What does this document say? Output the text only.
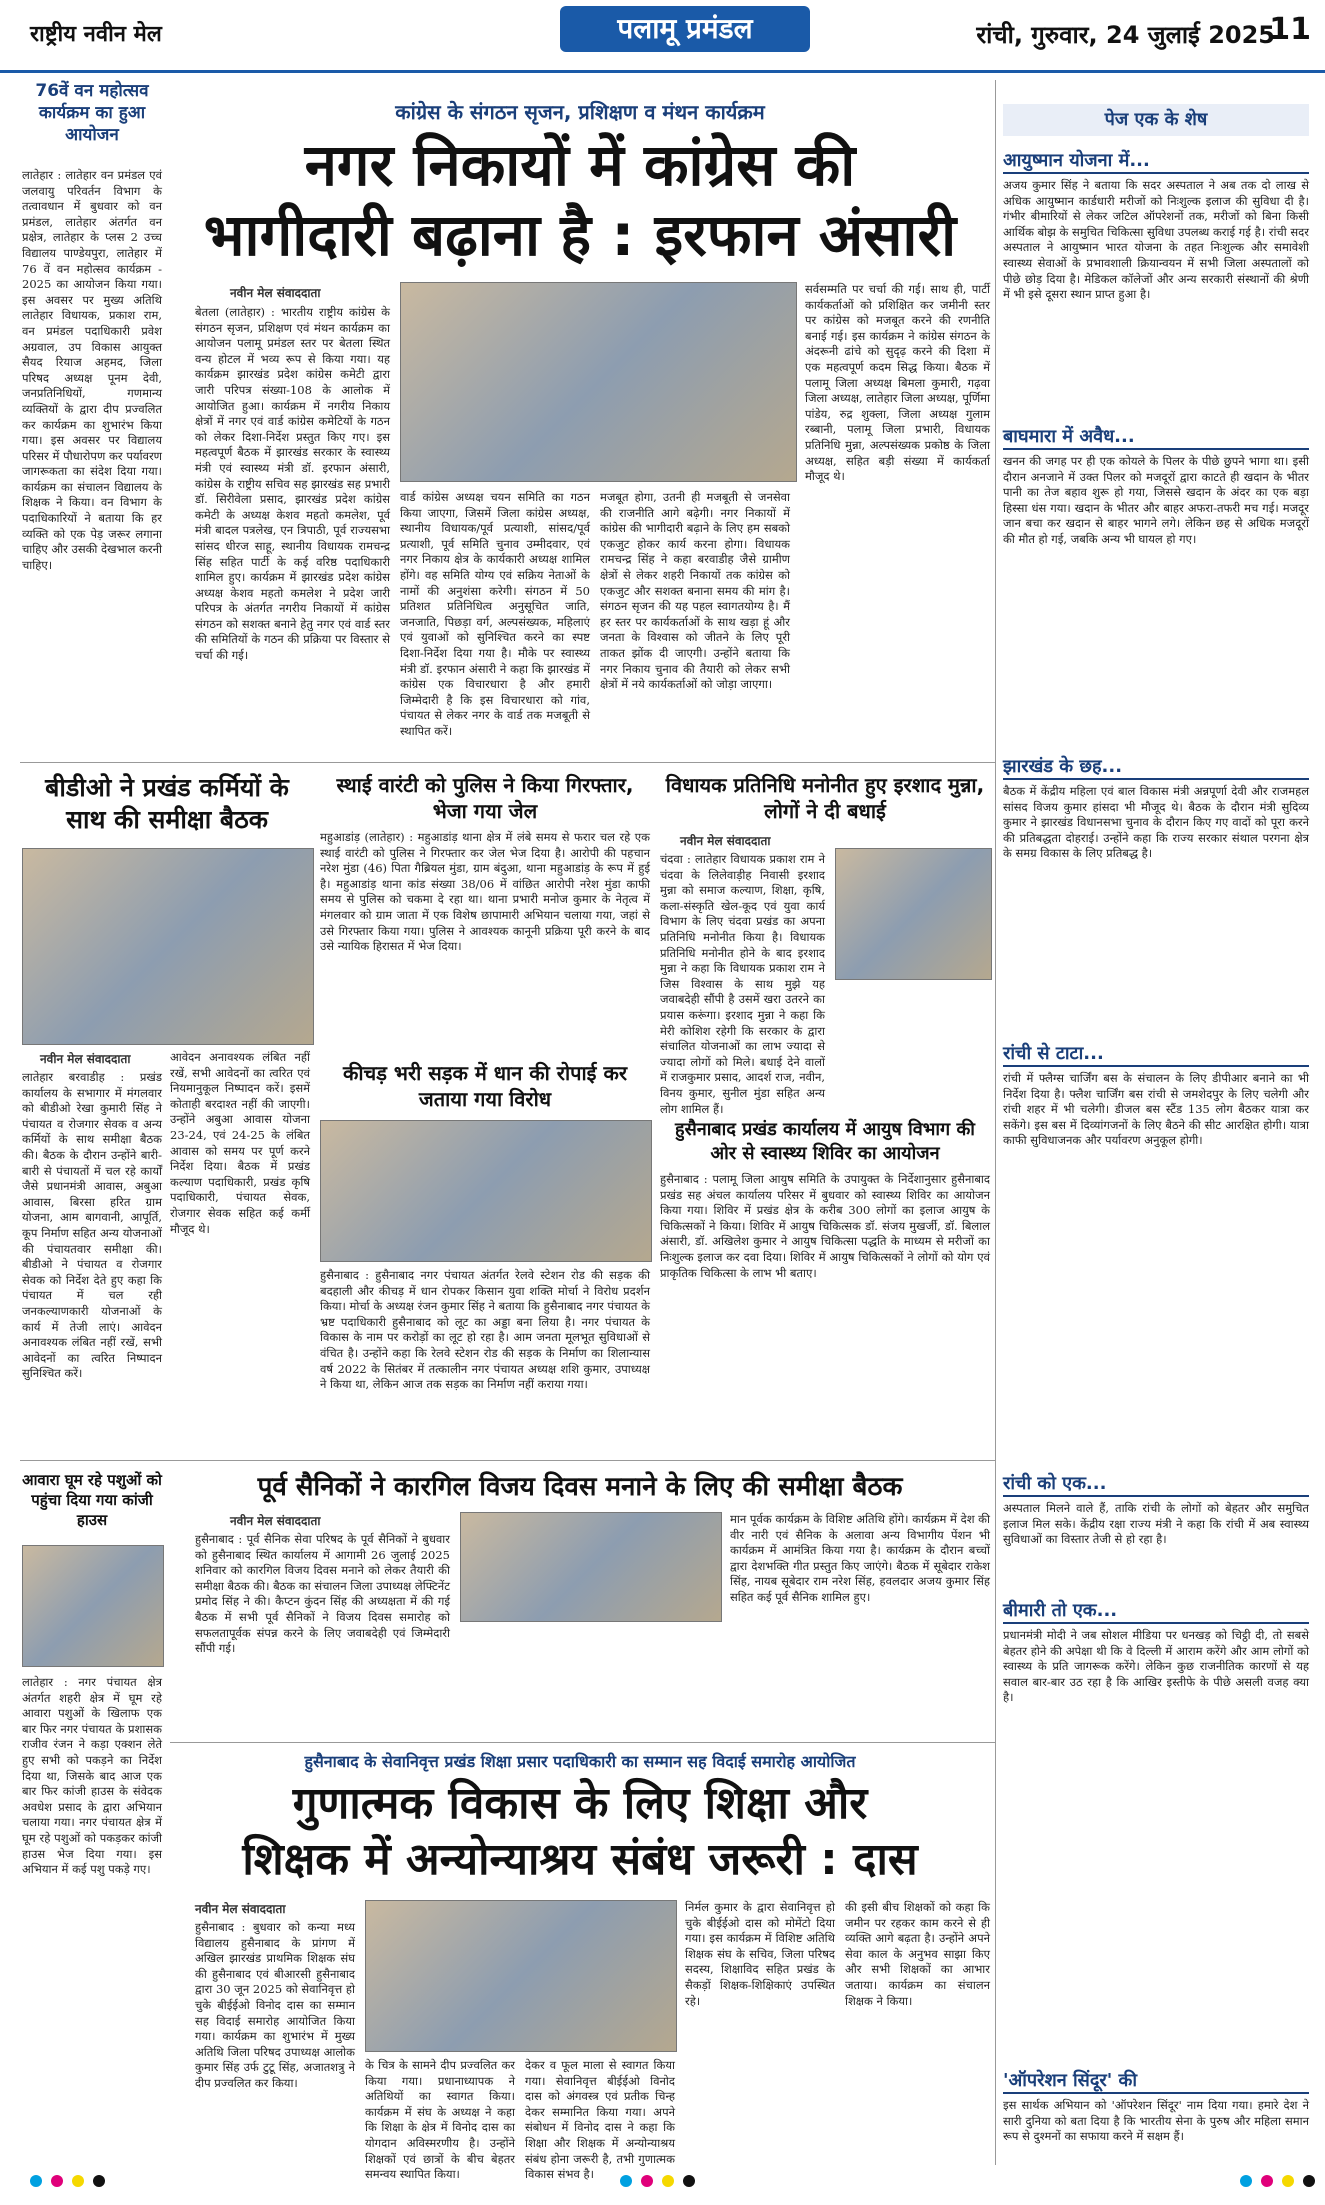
राष्ट्रीय नवीन मेल	पलामू प्रमंडल	रांची, गुरुवार, 24 जुलाई 2025
11
76वें वन महोत्सव कार्यक्रम का हुआ आयोजन
लातेहार : लातेहार वन प्रमंडल एवं जलवायु परिवर्तन विभाग के तत्वावधान में बुधवार को वन प्रमंडल, लातेहार अंतर्गत वन प्रक्षेत्र, लातेहार के प्लस 2 उच्च विद्यालय पाण्डेयपुरा, लातेहार में 76 वें वन महोत्सव कार्यक्रम - 2025 का आयोजन किया गया। इस अवसर पर मुख्य अतिथि लातेहार विधायक, प्रकाश राम, वन प्रमंडल पदाधिकारी प्रवेश अग्रवाल, उप विकास आयुक्त सैयद रियाज अहमद, जिला परिषद अध्यक्ष पूनम देवी, जनप्रतिनिधियों, गणमान्य व्यक्तियों के द्वारा दीप प्रज्वलित कर कार्यक्रम का शुभारंभ किया गया। इस अवसर पर विद्यालय परिसर में पौधारोपण कर पर्यावरण जागरूकता का संदेश दिया गया। कार्यक्रम का संचालन विद्यालय के शिक्षक ने किया। वन विभाग के पदाधिकारियों ने बताया कि हर व्यक्ति को एक पेड़ जरूर लगाना चाहिए और उसकी देखभाल करनी चाहिए।
कांग्रेस के संगठन सृजन, प्रशिक्षण व मंथन कार्यक्रम
नगर निकायों में कांग्रेस की
भागीदारी बढ़ाना है : इरफान अंसारी
नवीन मेल संवाददाता
बेतला (लातेहार) : भारतीय राष्ट्रीय कांग्रेस के संगठन सृजन, प्रशिक्षण एवं मंथन कार्यक्रम का आयोजन पलामू प्रमंडल स्तर पर बेतला स्थित वन्य होटल में भव्य रूप से किया गया। यह कार्यक्रम झारखंड प्रदेश कांग्रेस कमेटी द्वारा जारी परिपत्र संख्या-108 के आलोक में आयोजित हुआ। कार्यक्रम में नगरीय निकाय क्षेत्रों में नगर एवं वार्ड कांग्रेस कमेटियों के गठन को लेकर दिशा-निर्देश प्रस्तुत किए गए। इस महत्वपूर्ण बैठक में झारखंड सरकार के स्वास्थ्य मंत्री एवं स्वास्थ्य मंत्री डॉ. इरफान अंसारी, कांग्रेस के राष्ट्रीय सचिव सह झारखंड सह प्रभारी डॉ. सिरीवेला प्रसाद, झारखंड प्रदेश कांग्रेस कमेटी के अध्यक्ष केशव महतो कमलेश, पूर्व मंत्री बादल पत्रलेख, एन त्रिपाठी, पूर्व राज्यसभा सांसद धीरज साहू, स्थानीय विधायक रामचन्द्र सिंह सहित पार्टी के कई वरिष्ठ पदाधिकारी शामिल हुए। कार्यक्रम में झारखंड प्रदेश कांग्रेस अध्यक्ष केशव महतो कमलेश ने प्रदेश जारी परिपत्र के अंतर्गत नगरीय निकायों में कांग्रेस संगठन को सशक्त बनाने हेतु नगर एवं वार्ड स्तर की समितियों के गठन की प्रक्रिया पर विस्तार से चर्चा की गई।
वार्ड कांग्रेस अध्यक्ष चयन समिति का गठन किया जाएगा, जिसमें जिला कांग्रेस अध्यक्ष, स्थानीय विधायक/पूर्व प्रत्याशी, सांसद/पूर्व प्रत्याशी, पूर्व समिति चुनाव उम्मीदवार, एवं नगर निकाय क्षेत्र के कार्यकारी अध्यक्ष शामिल होंगे। वह समिति योग्य एवं सक्रिय नेताओं के नामों की अनुशंसा करेगी। संगठन में 50 प्रतिशत प्रतिनिधित्व अनुसूचित जाति, जनजाति, पिछड़ा वर्ग, अल्पसंख्यक, महिलाएं एवं युवाओं को सुनिश्चित करने का स्पष्ट दिशा-निर्देश दिया गया है। मौके पर स्वास्थ्य मंत्री डॉ. इरफान अंसारी ने कहा कि झारखंड में कांग्रेस एक विचारधारा है और हमारी जिम्मेदारी है कि इस विचारधारा को गांव, पंचायत से लेकर नगर के वार्ड तक मजबूती से स्थापित करें।
मजबूत होगा, उतनी ही मजबूती से जनसेवा की राजनीति आगे बढ़ेगी। नगर निकायों में कांग्रेस की भागीदारी बढ़ाने के लिए हम सबको एकजुट होकर कार्य करना होगा। विधायक रामचन्द्र सिंह ने कहा बरवाडीह जैसे ग्रामीण क्षेत्रों से लेकर शहरी निकायों तक कांग्रेस को एकजुट और सशक्त बनाना समय की मांग है। संगठन सृजन की यह पहल स्वागतयोग्य है। मैं हर स्तर पर कार्यकर्ताओं के साथ खड़ा हूं और जनता के विश्वास को जीतने के लिए पूरी ताकत झोंक दी जाएगी। उन्होंने बताया कि नगर निकाय चुनाव की तैयारी को लेकर सभी क्षेत्रों में नये कार्यकर्ताओं को जोड़ा जाएगा।
सर्वसम्मति पर चर्चा की गई। साथ ही, पार्टी कार्यकर्ताओं को प्रशिक्षित कर जमीनी स्तर पर कांग्रेस को मजबूत करने की रणनीति बनाई गई। इस कार्यक्रम ने कांग्रेस संगठन के अंदरूनी ढांचे को सुदृढ़ करने की दिशा में एक महत्वपूर्ण कदम सिद्ध किया। बैठक में पलामू जिला अध्यक्ष बिमला कुमारी, गढ़वा जिला अध्यक्ष, लातेहार जिला अध्यक्ष, पूर्णिमा पांडेय, रुद्र शुक्ला, जिला अध्यक्ष गुलाम रब्बानी, पलामू जिला प्रभारी, विधायक प्रतिनिधि मुन्ना, अल्पसंख्यक प्रकोष्ठ के जिला अध्यक्ष, सहित बड़ी संख्या में कार्यकर्ता मौजूद थे।
बीडीओ ने प्रखंड कर्मियों के साथ की समीक्षा बैठक
नवीन मेल संवाददाता
लातेहार बरवाडीह : प्रखंड कार्यालय के सभागार में मंगलवार को बीडीओ रेखा कुमारी सिंह ने पंचायत व रोजगार सेवक व अन्य कर्मियों के साथ समीक्षा बैठक की। बैठक के दौरान उन्होंने बारी-बारी से पंचायतों में चल रहे कार्यों जैसे प्रधानमंत्री आवास, अबुआ आवास, बिरसा हरित ग्राम योजना, आम बागवानी, आपूर्ति, कूप निर्माण सहित अन्य योजनाओं की पंचायतवार समीक्षा की। बीडीओ ने पंचायत व रोजगार सेवक को निर्देश देते हुए कहा कि पंचायत में चल रही जनकल्याणकारी योजनाओं के कार्य में तेजी लाएं। आवेदन अनावश्यक लंबित नहीं रखें, सभी आवेदनों का त्वरित निष्पादन सुनिश्चित करें।
आवेदन अनावश्यक लंबित नहीं रखें, सभी आवेदनों का त्वरित एवं नियमानुकूल निष्पादन करें। इसमें कोताही बरदाश्त नहीं की जाएगी। उन्होंने अबुआ आवास योजना 23-24, एवं 24-25 के लंबित आवास को समय पर पूर्ण करने निर्देश दिया। बैठक में प्रखंड कल्याण पदाधिकारी, प्रखंड कृषि पदाधिकारी, पंचायत सेवक, रोजगार सेवक सहित कई कर्मी मौजूद थे।
स्थाई वारंटी को पुलिस ने किया गिरफ्तार, भेजा गया जेल
महुआडांड़ (लातेहार) : महुआडांड़ थाना क्षेत्र में लंबे समय से फरार चल रहे एक स्थाई वारंटी को पुलिस ने गिरफ्तार कर जेल भेज दिया है। आरोपी की पहचान नरेश मुंडा (46) पिता गैब्रियल मुंडा, ग्राम बंदुआ, थाना महुआडांड़ के रूप में हुई है। महुआडांड़ थाना कांड संख्या 38/06 में वांछित आरोपी नरेश मुंडा काफी समय से पुलिस को चकमा दे रहा था। थाना प्रभारी मनोज कुमार के नेतृत्व में मंगलवार को ग्राम जाता में एक विशेष छापामारी अभियान चलाया गया, जहां से उसे गिरफ्तार किया गया। पुलिस ने आवश्यक कानूनी प्रक्रिया पूरी करने के बाद उसे न्यायिक हिरासत में भेज दिया।
कीचड़ भरी सड़क में धान की रोपाई कर जताया गया विरोध
हुसैनाबाद : हुसैनाबाद नगर पंचायत अंतर्गत रेलवे स्टेशन रोड की सड़क की बदहाली और कीचड़ में धान रोपकर किसान युवा शक्ति मोर्चा ने विरोध प्रदर्शन किया। मोर्चा के अध्यक्ष रंजन कुमार सिंह ने बताया कि हुसैनाबाद नगर पंचायत के भ्रष्ट पदाधिकारी हुसैनाबाद को लूट का अड्डा बना लिया है। नगर पंचायत के विकास के नाम पर करोड़ों का लूट हो रहा है। आम जनता मूलभूत सुविधाओं से वंचित है। उन्होंने कहा कि रेलवे स्टेशन रोड की सड़क के निर्माण का शिलान्यास वर्ष 2022 के सितंबर में तत्कालीन नगर पंचायत अध्यक्ष शशि कुमार, उपाध्यक्ष ने किया था, लेकिन आज तक सड़क का निर्माण नहीं कराया गया।
विधायक प्रतिनिधि मनोनीत हुए इरशाद मुन्ना, लोगों ने दी बधाई
नवीन मेल संवाददाता
चंदवा : लातेहार विधायक प्रकाश राम ने चंदवा के लिलेवाड़ीह निवासी इरशाद मुन्ना को समाज कल्याण, शिक्षा, कृषि, कला-संस्कृति खेल-कूद एवं युवा कार्य विभाग के लिए चंदवा प्रखंड का अपना प्रतिनिधि मनोनीत किया है। विधायक प्रतिनिधि मनोनीत होने के बाद इरशाद मुन्ना ने कहा कि विधायक प्रकाश राम ने जिस विश्वास के साथ मुझे यह जवाबदेही सौंपी है उसमें खरा उतरने का प्रयास करूंगा। इरशाद मुन्ना ने कहा कि मेरी कोशिश रहेगी कि सरकार के द्वारा संचालित योजनाओं का लाभ ज्यादा से ज्यादा लोगों को मिले। बधाई देने वालों में राजकुमार प्रसाद, आदर्श राज, नवीन, विनय कुमार, सुनील मुंडा सहित अन्य लोग शामिल हैं।
हुसैनाबाद प्रखंड कार्यालय में आयुष विभाग की ओर से स्वास्थ्य शिविर का आयोजन
हुसैनाबाद : पलामू जिला आयुष समिति के उपायुक्त के निर्देशानुसार हुसैनाबाद प्रखंड सह अंचल कार्यालय परिसर में बुधवार को स्वास्थ्य शिविर का आयोजन किया गया। शिविर में प्रखंड क्षेत्र के करीब 300 लोगों का इलाज आयुष के चिकित्सकों ने किया। शिविर में आयुष चिकित्सक डॉ. संजय मुखर्जी, डॉ. बिलाल अंसारी, डॉ. अखिलेश कुमार ने आयुष चिकित्सा पद्धति के माध्यम से मरीजों का निःशुल्क इलाज कर दवा दिया। शिविर में आयुष चिकित्सकों ने लोगों को योग एवं प्राकृतिक चिकित्सा के लाभ भी बताए।
आवारा घूम रहे पशुओं को पहुंचा दिया गया कांजी हाउस
लातेहार : नगर पंचायत क्षेत्र अंतर्गत शहरी क्षेत्र में घूम रहे आवारा पशुओं के खिलाफ एक बार फिर नगर पंचायत के प्रशासक राजीव रंजन ने कड़ा एक्शन लेते हुए सभी को पकड़ने का निर्देश दिया था, जिसके बाद आज एक बार फिर कांजी हाउस के संवेदक अवधेश प्रसाद के द्वारा अभियान चलाया गया। नगर पंचायत क्षेत्र में घूम रहे पशुओं को पकड़कर कांजी हाउस भेज दिया गया। इस अभियान में कई पशु पकड़े गए।
पूर्व सैनिकों ने कारगिल विजय दिवस मनाने के लिए की समीक्षा बैठक
नवीन मेल संवाददाता
हुसैनाबाद : पूर्व सैनिक सेवा परिषद के पूर्व सैनिकों ने बुधवार को हुसैनाबाद स्थित कार्यालय में आगामी 26 जुलाई 2025 शनिवार को कारगिल विजय दिवस मनाने को लेकर तैयारी की समीक्षा बैठक की। बैठक का संचालन जिला उपाध्यक्ष लेफ्टिनेंट प्रमोद सिंह ने की। कैप्टन कुंदन सिंह की अध्यक्षता में की गई बैठक में सभी पूर्व सैनिकों ने विजय दिवस समारोह को सफलतापूर्वक संपन्न करने के लिए जवाबदेही एवं जिम्मेदारी सौंपी गई।
मान पूर्वक कार्यक्रम के विशिष्ट अतिथि होंगे। कार्यक्रम में देश की वीर नारी एवं सैनिक के अलावा अन्य विभागीय पेंशन भी कार्यक्रम में आमंत्रित किया गया है। कार्यक्रम के दौरान बच्चों द्वारा देशभक्ति गीत प्रस्तुत किए जाएंगे। बैठक में सूबेदार राकेश सिंह, नायब सूबेदार राम नरेश सिंह, हवलदार अजय कुमार सिंह सहित कई पूर्व सैनिक शामिल हुए।
हुसैनाबाद के सेवानिवृत्त प्रखंड शिक्षा प्रसार पदाधिकारी का सम्मान सह विदाई समारोह आयोजित
गुणात्मक विकास के लिए शिक्षा और
शिक्षक में अन्योन्याश्रय संबंध जरूरी : दास
नवीन मेल संवाददाता
हुसैनाबाद : बुधवार को कन्या मध्य विद्यालय हुसैनाबाद के प्रांगण में अखिल झारखंड प्राथमिक शिक्षक संघ की हुसैनाबाद एवं बीआरसी हुसैनाबाद द्वारा 30 जून 2025 को सेवानिवृत्त हो चुके बीईईओ विनोद दास का सम्मान सह विदाई समारोह आयोजित किया गया। कार्यक्रम का शुभारंभ में मुख्य अतिथि जिला परिषद उपाध्यक्ष आलोक कुमार सिंह उर्फ टुटू सिंह, अजातशत्रु ने दीप प्रज्वलित कर किया।
के चित्र के सामने दीप प्रज्वलित कर किया गया। प्रधानाध्यापक ने अतिथियों का स्वागत किया। कार्यक्रम में संघ के अध्यक्ष ने कहा कि शिक्षा के क्षेत्र में विनोद दास का योगदान अविस्मरणीय है। उन्होंने शिक्षकों एवं छात्रों के बीच बेहतर समन्वय स्थापित किया।
देकर व फूल माला से स्वागत किया गया। सेवानिवृत्त बीईईओ विनोद दास को अंगवस्त्र एवं प्रतीक चिन्ह देकर सम्मानित किया गया। अपने संबोधन में विनोद दास ने कहा कि शिक्षा और शिक्षक में अन्योन्याश्रय संबंध होना जरूरी है, तभी गुणात्मक विकास संभव है।
निर्मल कुमार के द्वारा सेवानिवृत्त हो चुके बीईईओ दास को मोमेंटो दिया गया। इस कार्यक्रम में विशिष्ट अतिथि शिक्षक संघ के सचिव, जिला परिषद सदस्य, शिक्षाविद सहित प्रखंड के सैकड़ों शिक्षक-शिक्षिकाएं उपस्थित रहे।
की इसी बीच शिक्षकों को कहा कि जमीन पर रहकर काम करने से ही व्यक्ति आगे बढ़ता है। उन्होंने अपने सेवा काल के अनुभव साझा किए और सभी शिक्षकों का आभार जताया। कार्यक्रम का संचालन शिक्षक ने किया।
पेज एक के शेष
आयुष्मान योजना में...
अजय कुमार सिंह ने बताया कि सदर अस्पताल ने अब तक दो लाख से अधिक आयुष्मान कार्डधारी मरीजों को निःशुल्क इलाज की सुविधा दी है। गंभीर बीमारियों से लेकर जटिल ऑपरेशनों तक, मरीजों को बिना किसी आर्थिक बोझ के समुचित चिकित्सा सुविधा उपलब्ध कराई गई है। रांची सदर अस्पताल ने आयुष्मान भारत योजना के तहत निःशुल्क और समावेशी स्वास्थ्य सेवाओं के प्रभावशाली क्रियान्वयन में सभी जिला अस्पतालों को पीछे छोड़ दिया है। मेडिकल कॉलेजों और अन्य सरकारी संस्थानों की श्रेणी में भी इसे दूसरा स्थान प्राप्त हुआ है।
बाघमारा में अवैध...
खनन की जगह पर ही एक कोयले के पिलर के पीछे छुपने भागा था। इसी दौरान अनजाने में उक्त पिलर को मजदूरों द्वारा काटते ही खदान के भीतर पानी का तेज बहाव शुरू हो गया, जिससे खदान के अंदर का एक बड़ा हिस्सा धंस गया। खदान के भीतर और बाहर अफरा-तफरी मच गई। मजदूर जान बचा कर खदान से बाहर भागने लगे। लेकिन छह से अधिक मजदूरों की मौत हो गई, जबकि अन्य भी घायल हो गए।
झारखंड के छह...
बैठक में केंद्रीय महिला एवं बाल विकास मंत्री अन्नपूर्णा देवी और राजमहल सांसद विजय कुमार हांसदा भी मौजूद थे। बैठक के दौरान मंत्री सुदिव्य कुमार ने झारखंड विधानसभा चुनाव के दौरान किए गए वादों को पूरा करने की प्रतिबद्धता दोहराई। उन्होंने कहा कि राज्य सरकार संथाल परगना क्षेत्र के समग्र विकास के लिए प्रतिबद्ध है।
रांची से टाटा...
रांची में फ्लैग्स चार्जिंग बस के संचालन के लिए डीपीआर बनाने का भी निर्देश दिया है। फ्लैश चार्जिंग बस रांची से जमशेदपुर के लिए चलेगी और रांची शहर में भी चलेगी। डीजल बस स्टैंड 135 लोग बैठकर यात्रा कर सकेंगे। इस बस में दिव्यांगजनों के लिए बैठने की सीट आरक्षित होगी। यात्रा काफी सुविधाजनक और पर्यावरण अनुकूल होगी।
रांची को एक...
अस्पताल मिलने वाले हैं, ताकि रांची के लोगों को बेहतर और समुचित इलाज मिल सके। केंद्रीय रक्षा राज्य मंत्री ने कहा कि रांची में अब स्वास्थ्य सुविधाओं का विस्तार तेजी से हो रहा है।
बीमारी तो एक...
प्रधानमंत्री मोदी ने जब सोशल मीडिया पर धनखड़ को चिट्ठी दी, तो सबसे बेहतर होने की अपेक्षा थी कि वे दिल्ली में आराम करेंगे और आम लोगों को स्वास्थ्य के प्रति जागरूक करेंगे। लेकिन कुछ राजनीतिक कारणों से यह सवाल बार-बार उठ रहा है कि आखिर इस्तीफे के पीछे असली वजह क्या है।
'ऑपरेशन सिंदूर' की
इस सार्थक अभियान को 'ऑपरेशन सिंदूर' नाम दिया गया। हमारे देश ने सारी दुनिया को बता दिया है कि भारतीय सेना के पुरुष और महिला समान रूप से दुश्मनों का सफाया करने में सक्षम हैं।
